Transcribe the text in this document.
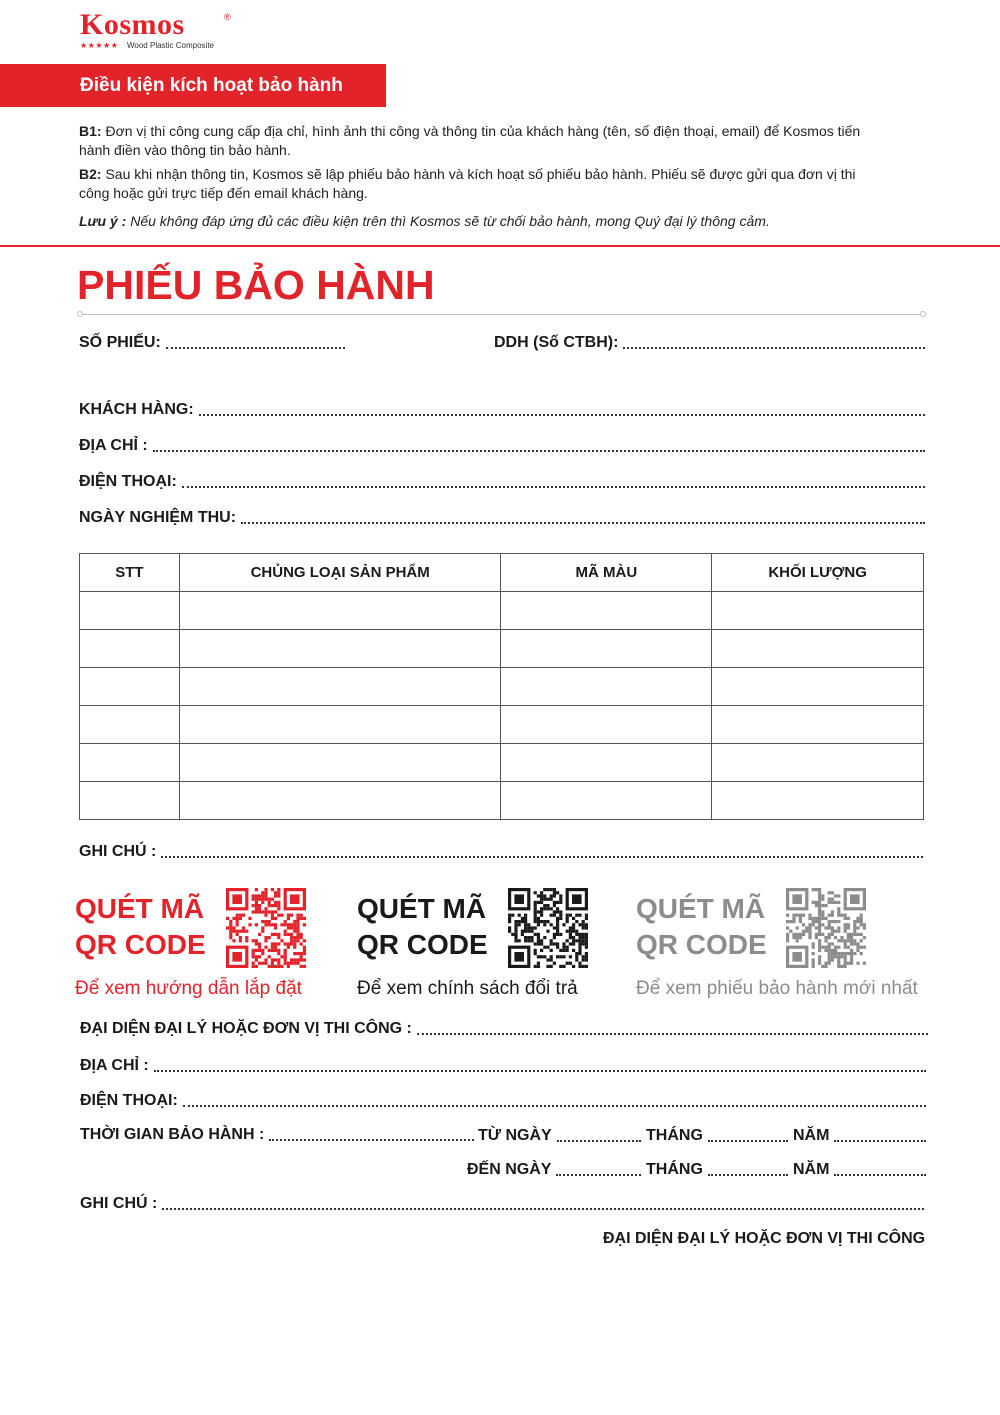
Kosmos	®
★★★★★ Wood Plastic Composite
Điều kiện kích hoạt bảo hành
B1: Đơn vị thi công cung cấp địa chỉ, hình ảnh thi công và thông tin của khách hàng (tên, số điện thoại, email) để Kosmos tiến hành điền vào thông tin bảo hành.
B2: Sau khi nhận thông tin, Kosmos sẽ lập phiếu bảo hành và kích hoạt số phiếu bảo hành. Phiếu sẽ được gửi qua đơn vị thi công hoặc gửi trực tiếp đến email khách hàng.
Lưu ý : Nếu không đáp ứng đủ các điều kiện trên thì Kosmos sẽ từ chối bảo hành, mong Quý đại lý thông cảm.
PHIẾU BẢO HÀNH
SỐ PHIẾU:	DDH (Số CTBH):
KHÁCH HÀNG:
ĐỊA CHỈ :
ĐIỆN THOẠI:
NGÀY NGHIỆM THU:
STT	CHỦNG LOẠI SẢN PHẨM	MÃ MÀU	KHỐI LƯỢNG

GHI CHÚ :
QUÉT MÃ
QR CODE
Để xem hướng dẫn lắp đặt
QUÉT MÃ
QR CODE
Để xem chính sách đổi trả
QUÉT MÃ
QR CODE
Để xem phiếu bảo hành mới nhất
ĐẠI DIỆN ĐẠI LÝ HOẶC ĐƠN VỊ THI CÔNG :
ĐỊA CHỈ :
ĐIỆN THOẠI:
THỜI GIAN BẢO HÀNH :	TỪ NGÀY	THÁNG	NĂM
ĐẾN NGÀY	THÁNG	NĂM
GHI CHÚ :
ĐẠI DIỆN ĐẠI LÝ HOẶC ĐƠN VỊ THI CÔNG
